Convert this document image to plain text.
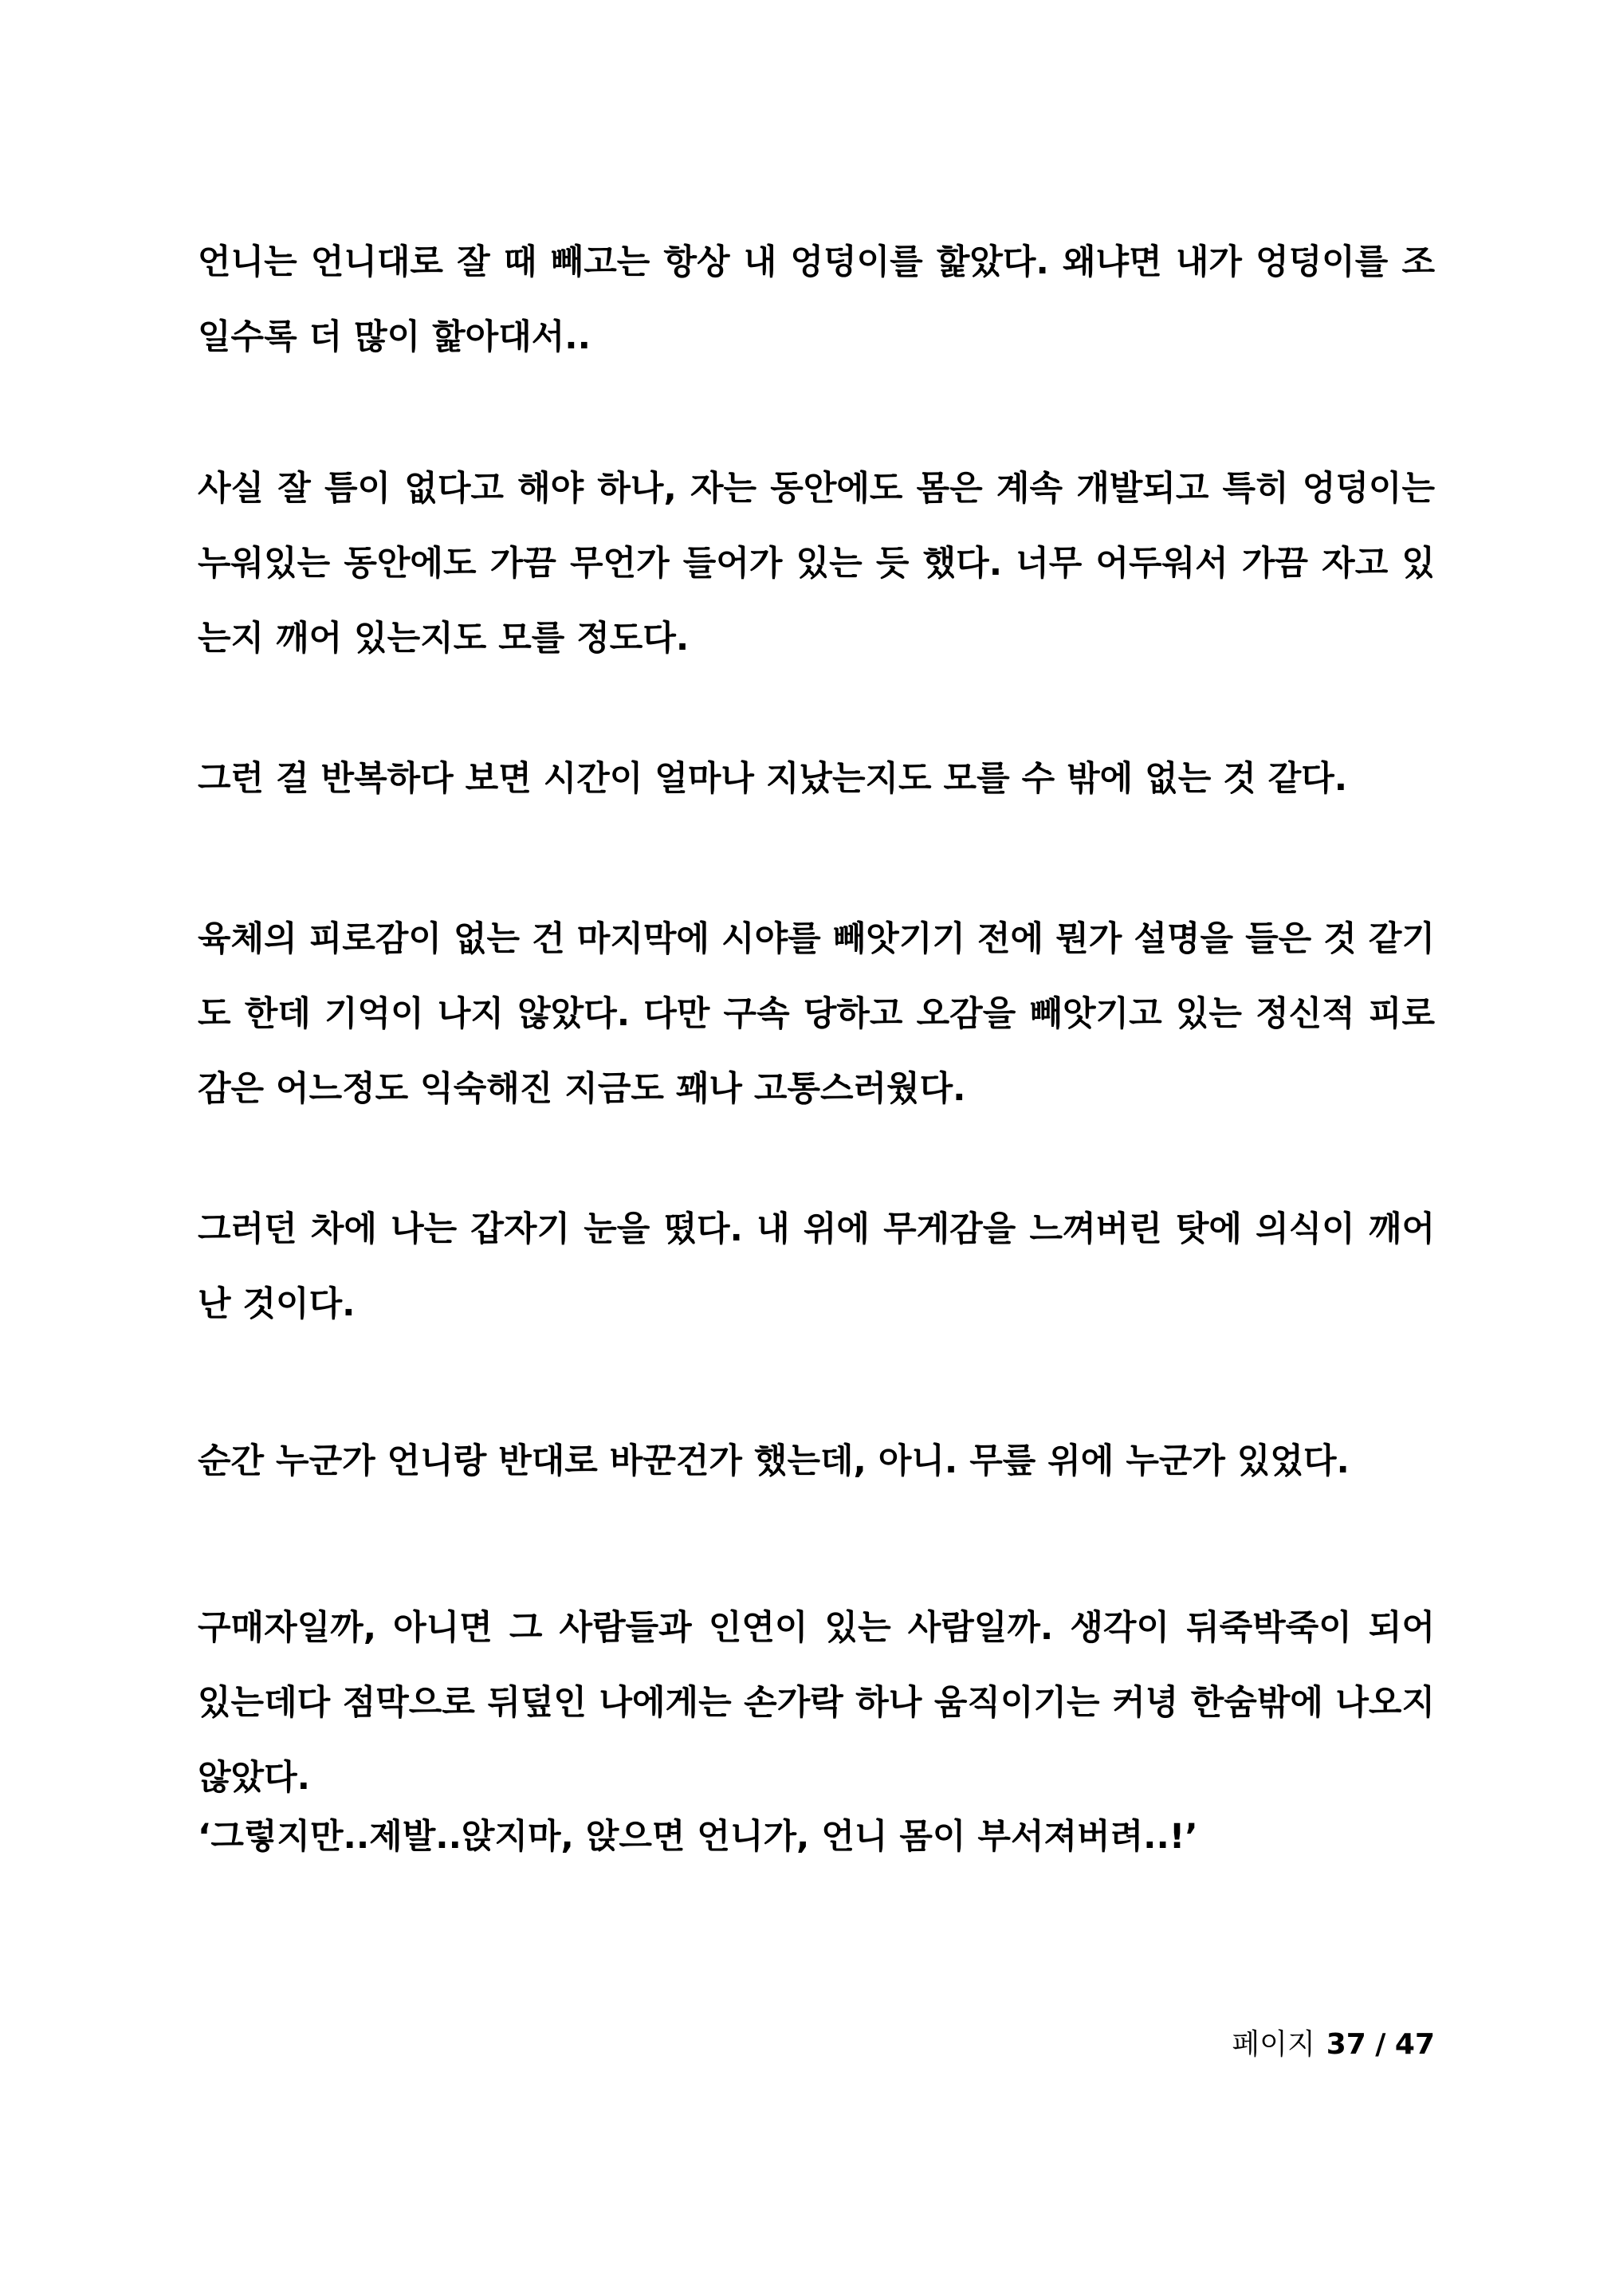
언니는 언니대로 잘 때 빼고는 항상 내 엉덩이를 핥았다. 왜냐면 내가 엉덩이를 조일수록 더 많이 핥아대서..

사실 잘 틈이 없다고 해야 하나, 자는 동안에도 몸은 계속 개발되고 특히 엉덩이는 누워있는 동안에도 가끔 무언가 들어가 있는 듯 했다. 너무 어두워서 가끔 자고 있는지 깨어 있는지도 모를 정도다.

그런 걸 반복하다 보면 시간이 얼마나 지났는지도 모를 수 밖에 없는 것 같다.

육체의 피로감이 없는 건 마지막에 시야를 빼앗기기 전에 뭔가 설명을 들은 것 같기도 한데 기억이 나지 않았다. 다만 구속 당하고 오감을 빼앗기고 있는 정신적 피로감은 어느정도 익숙해진 지금도 꽤나 고통스러웠다.

그러던 차에 나는 갑자기 눈을 떴다. 내 위에 무게감을 느껴버린 탓에 의식이 깨어난 것이다.

순간 누군가 언니랑 반대로 바꾼건가 했는데, 아니. 무릎 위에 누군가 있었다.

구매자일까, 아니면 그 사람들과 인연이 있는 사람일까. 생각이 뒤죽박죽이 되어 있는데다 점막으로 뒤덮인 나에게는 손가락 하나 움직이기는 커녕 한숨밖에 나오지 않았다.

‘그렇지만..제발..앉지마, 앉으면 언니가, 언니 몸이 부서져버려..!’

페이지 37 / 47
